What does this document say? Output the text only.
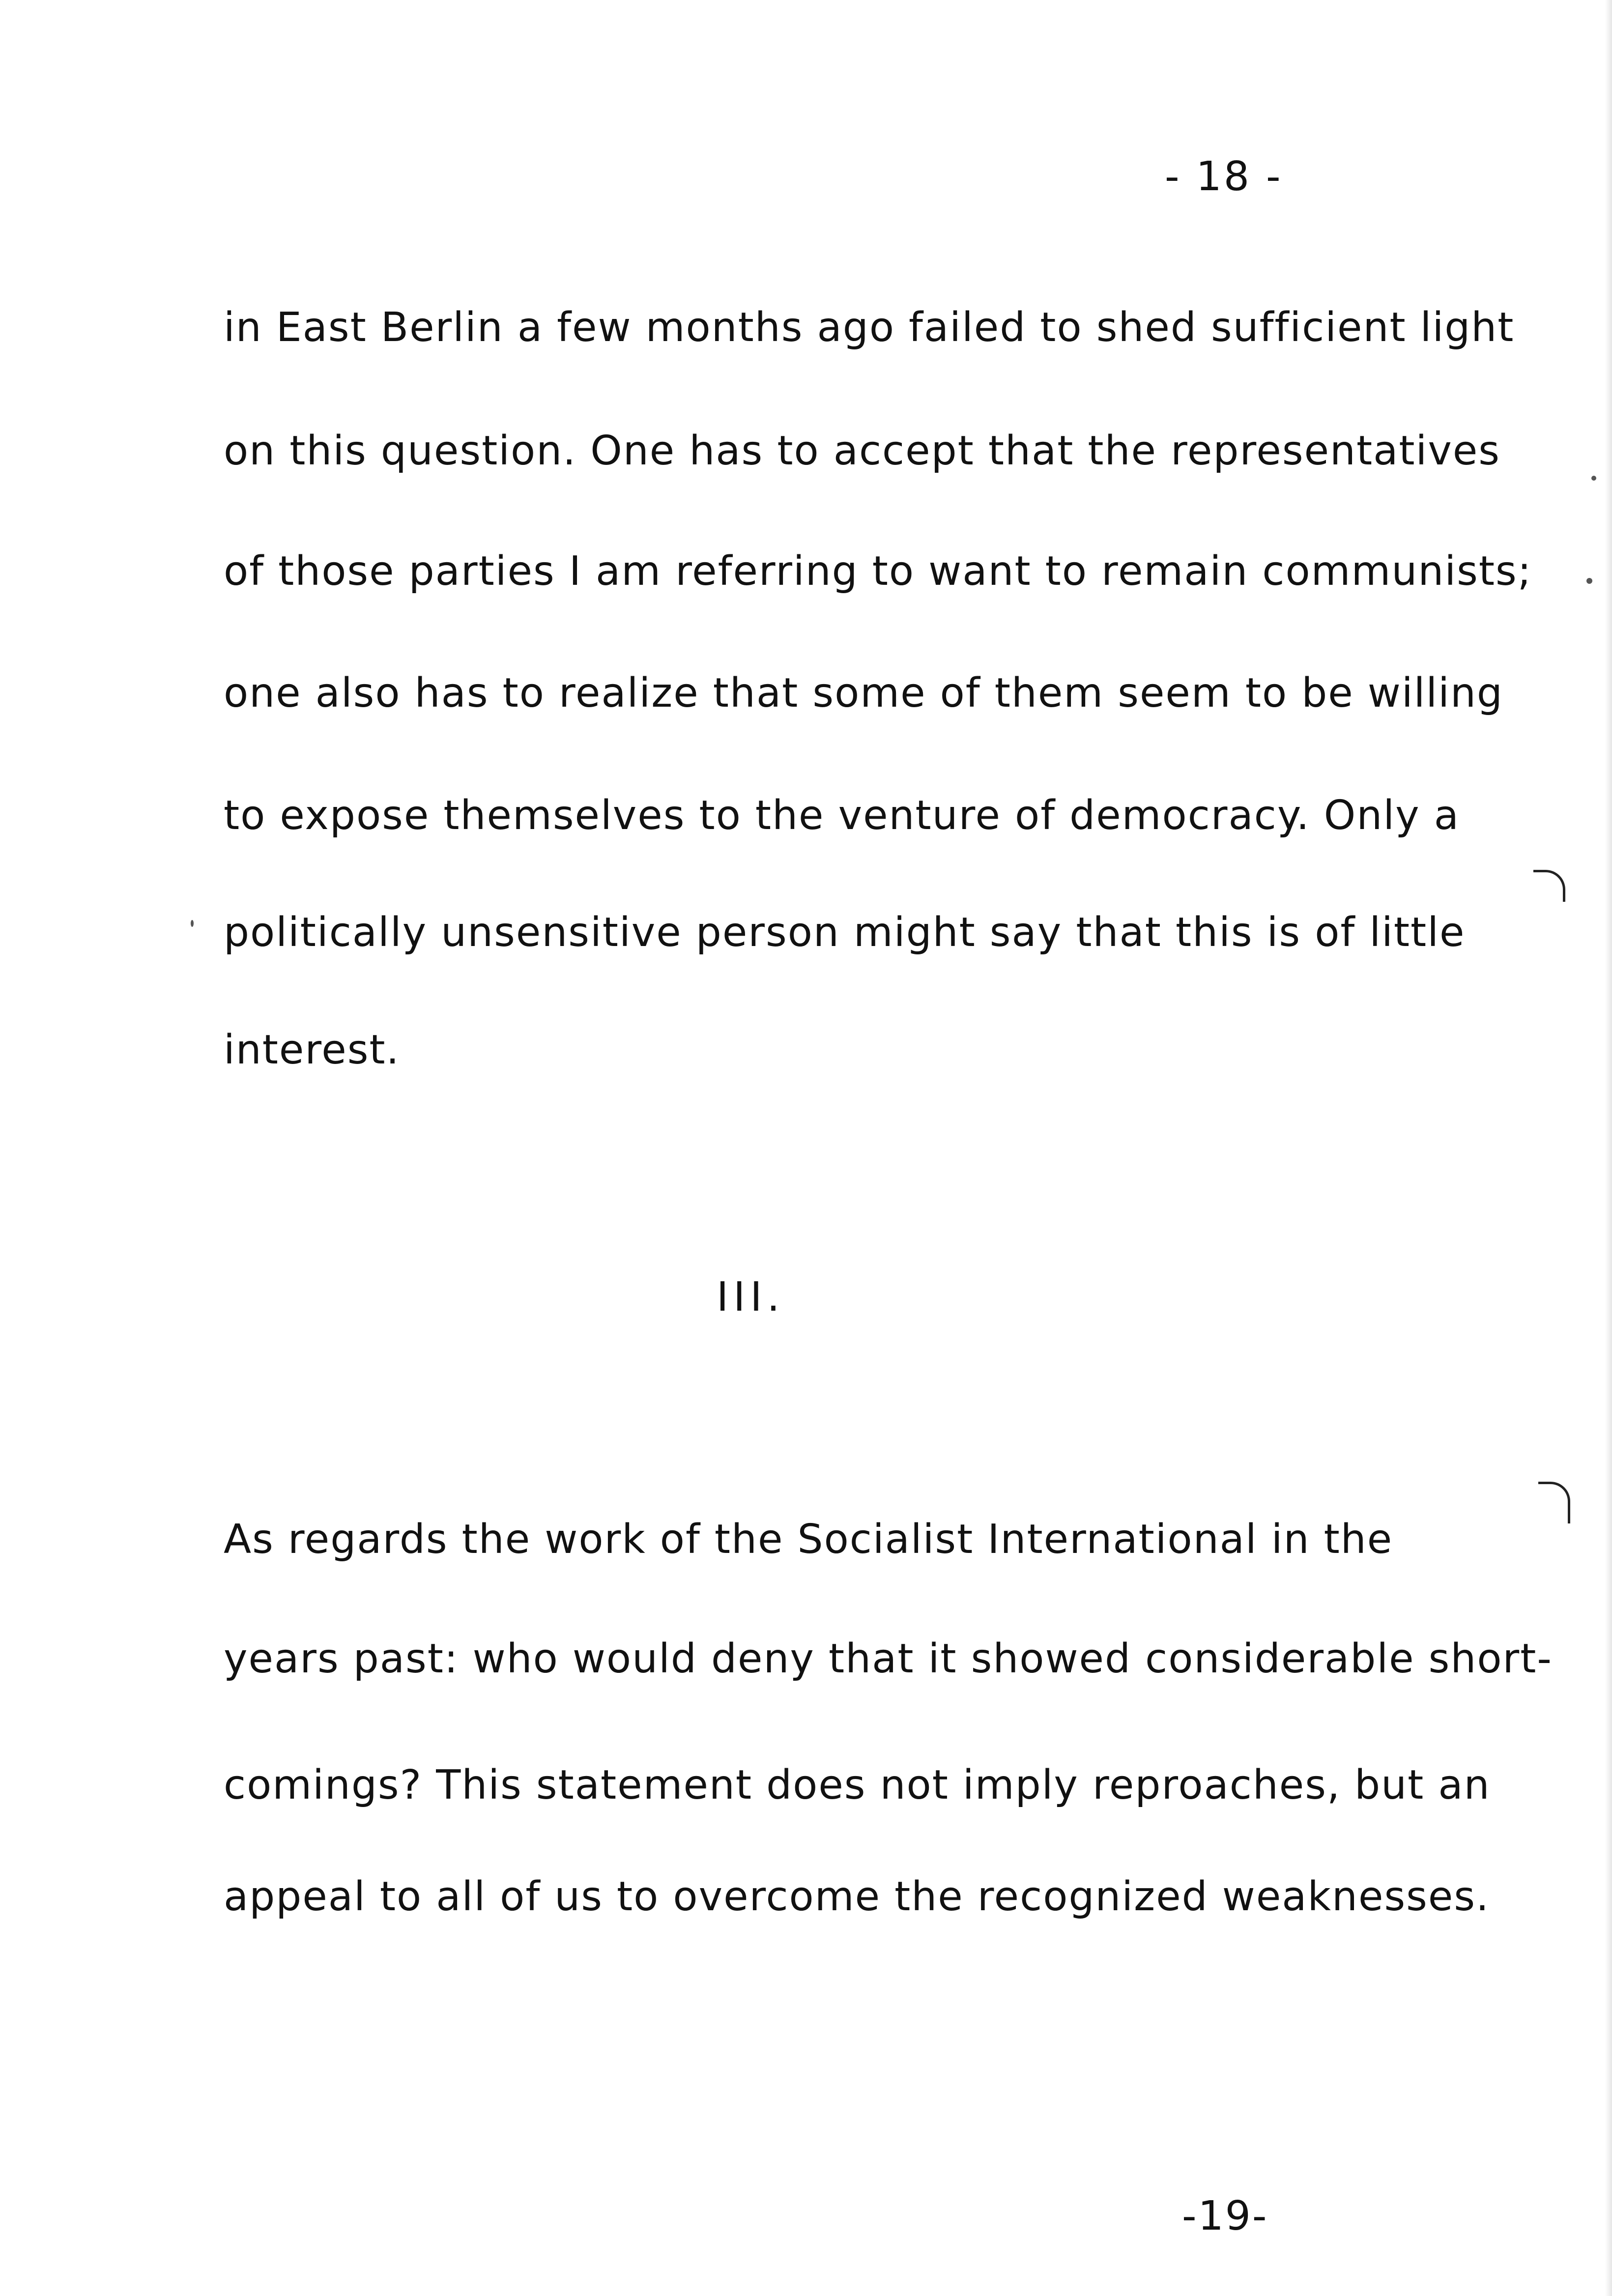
- 18 -
in East Berlin a few months ago failed to shed sufficient light
on this question. One has to accept that the representatives
of those parties I am referring to want to remain communists;
one also has to realize that some of them seem to be willing
to expose themselves to the venture of democracy. Only a
politically unsensitive person might say that this is of little
interest.
III.
As regards the work of the Socialist International in the
years past: who would deny that it showed considerable short-
comings? This statement does not imply reproaches, but an
appeal to all of us to overcome the recognized weaknesses.
-19-
